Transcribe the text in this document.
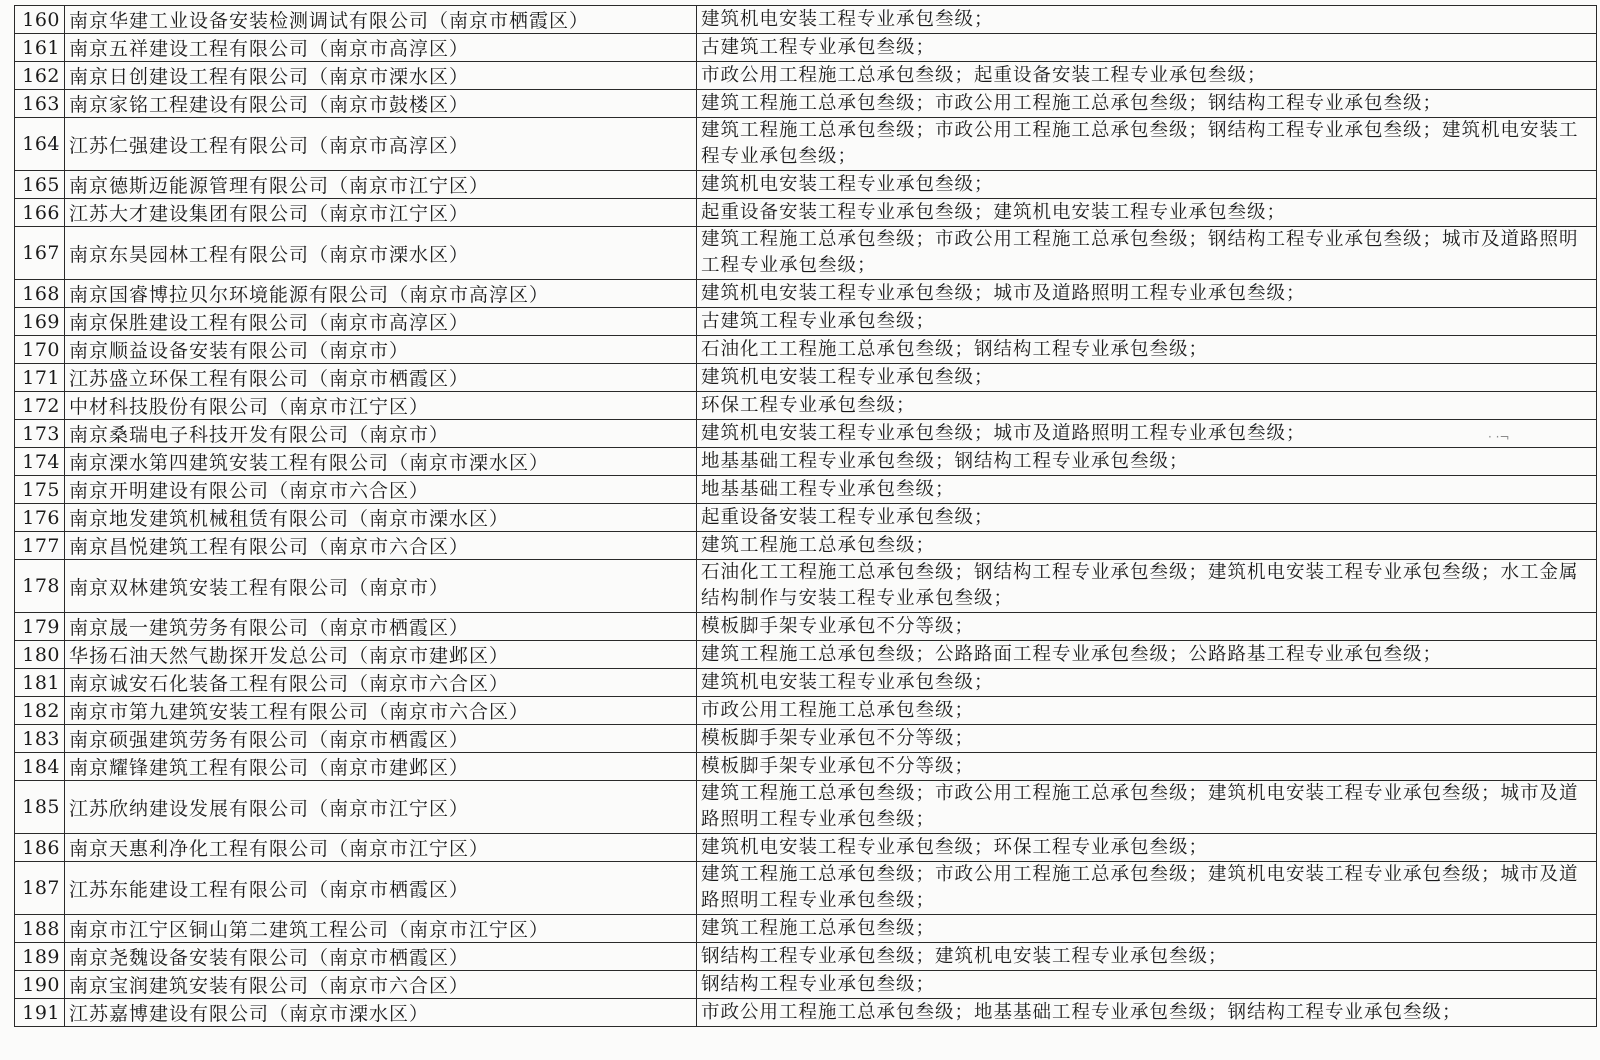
160	南京华建工业设备安装检测调试有限公司（南京市栖霞区）	建筑机电安装工程专业承包叁级；
161	南京五祥建设工程有限公司（南京市高淳区）	古建筑工程专业承包叁级；
162	南京日创建设工程有限公司（南京市溧水区）	市政公用工程施工总承包叁级；起重设备安装工程专业承包叁级；
163	南京家铭工程建设有限公司（南京市鼓楼区）	建筑工程施工总承包叁级；市政公用工程施工总承包叁级；钢结构工程专业承包叁级；
164	江苏仁强建设工程有限公司（南京市高淳区）	建筑工程施工总承包叁级；市政公用工程施工总承包叁级；钢结构工程专业承包叁级；建筑机电安装工程专业承包叁级；
165	南京德斯迈能源管理有限公司（南京市江宁区）	建筑机电安装工程专业承包叁级；
166	江苏大才建设集团有限公司（南京市江宁区）	起重设备安装工程专业承包叁级；建筑机电安装工程专业承包叁级；
167	南京东昊园林工程有限公司（南京市溧水区）	建筑工程施工总承包叁级；市政公用工程施工总承包叁级；钢结构工程专业承包叁级；城市及道路照明工程专业承包叁级；
168	南京国睿博拉贝尔环境能源有限公司（南京市高淳区）	建筑机电安装工程专业承包叁级；城市及道路照明工程专业承包叁级；
169	南京保胜建设工程有限公司（南京市高淳区）	古建筑工程专业承包叁级；
170	南京顺益设备安装有限公司（南京市）	石油化工工程施工总承包叁级；钢结构工程专业承包叁级；
171	江苏盛立环保工程有限公司（南京市栖霞区）	建筑机电安装工程专业承包叁级；
172	中材科技股份有限公司（南京市江宁区）	环保工程专业承包叁级；
173	南京桑瑞电子科技开发有限公司（南京市）	建筑机电安装工程专业承包叁级；城市及道路照明工程专业承包叁级；
174	南京溧水第四建筑安装工程有限公司（南京市溧水区）	地基基础工程专业承包叁级；钢结构工程专业承包叁级；
175	南京开明建设有限公司（南京市六合区）	地基基础工程专业承包叁级；
176	南京地发建筑机械租赁有限公司（南京市溧水区）	起重设备安装工程专业承包叁级；
177	南京昌悦建筑工程有限公司（南京市六合区）	建筑工程施工总承包叁级；
178	南京双林建筑安装工程有限公司（南京市）	石油化工工程施工总承包叁级；钢结构工程专业承包叁级；建筑机电安装工程专业承包叁级；水工金属结构制作与安装工程专业承包叁级；
179	南京晟一建筑劳务有限公司（南京市栖霞区）	模板脚手架专业承包不分等级；
180	华扬石油天然气勘探开发总公司（南京市建邺区）	建筑工程施工总承包叁级；公路路面工程专业承包叁级；公路路基工程专业承包叁级；
181	南京诚安石化装备工程有限公司（南京市六合区）	建筑机电安装工程专业承包叁级；
182	南京市第九建筑安装工程有限公司（南京市六合区）	市政公用工程施工总承包叁级；
183	南京硕强建筑劳务有限公司（南京市栖霞区）	模板脚手架专业承包不分等级；
184	南京耀锋建筑工程有限公司（南京市建邺区）	模板脚手架专业承包不分等级；
185	江苏欣纳建设发展有限公司（南京市江宁区）	建筑工程施工总承包叁级；市政公用工程施工总承包叁级；建筑机电安装工程专业承包叁级；城市及道路照明工程专业承包叁级；
186	南京天惠利净化工程有限公司（南京市江宁区）	建筑机电安装工程专业承包叁级；环保工程专业承包叁级；
187	江苏东能建设工程有限公司（南京市栖霞区）	建筑工程施工总承包叁级；市政公用工程施工总承包叁级；建筑机电安装工程专业承包叁级；城市及道路照明工程专业承包叁级；
188	南京市江宁区铜山第二建筑工程公司（南京市江宁区）	建筑工程施工总承包叁级；
189	南京尧魏设备安装有限公司（南京市栖霞区）	钢结构工程专业承包叁级；建筑机电安装工程专业承包叁级；
190	南京宝润建筑安装有限公司（南京市六合区）	钢结构工程专业承包叁级；
191	江苏嘉博建设有限公司（南京市溧水区）	市政公用工程施工总承包叁级；地基基础工程专业承包叁级；钢结构工程专业承包叁级；
· ·¬
